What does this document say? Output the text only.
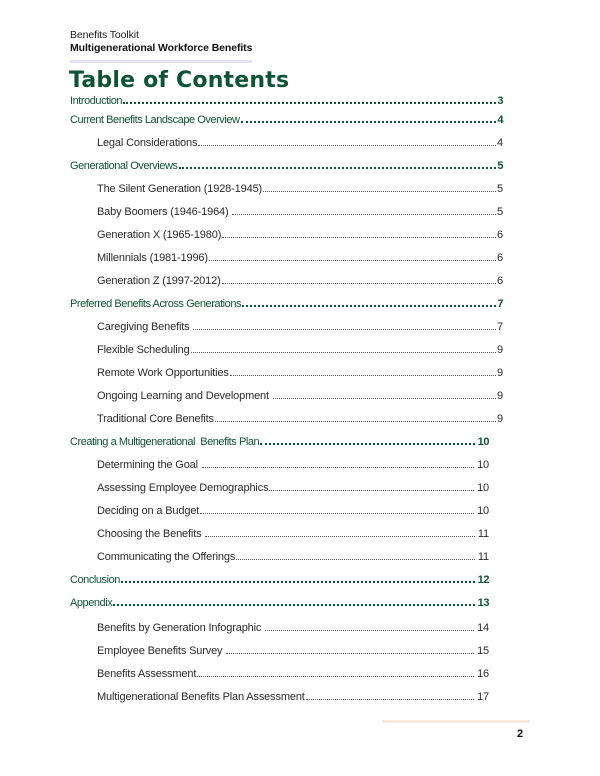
Benefits Toolkit
Multigenerational Workforce Benefits
Table of Contents
Introduction	3
Current Benefits Landscape Overview	4
Legal Considerations	4
Generational Overviews	5
The Silent Generation (1928-1945)	5
Baby Boomers (1946-1964)	5
Generation X (1965-1980)	6
Millennials (1981-1996)	6
Generation Z (1997-2012)	6
Preferred Benefits Across Generations	7
Caregiving Benefits	7
Flexible Scheduling	9
Remote Work Opportunities	9
Ongoing Learning and Development	9
Traditional Core Benefits	9
Creating a Multigenerational  Benefits Plan	10
Determining the Goal	10
Assessing Employee Demographics	10
Deciding on a Budget	10
Choosing the Benefits	11
Communicating the Offerings	11
Conclusion	12
Appendix	13
Benefits by Generation Infographic	14
Employee Benefits Survey	15
Benefits Assessment	16
Multigenerational Benefits Plan Assessment	17
2
